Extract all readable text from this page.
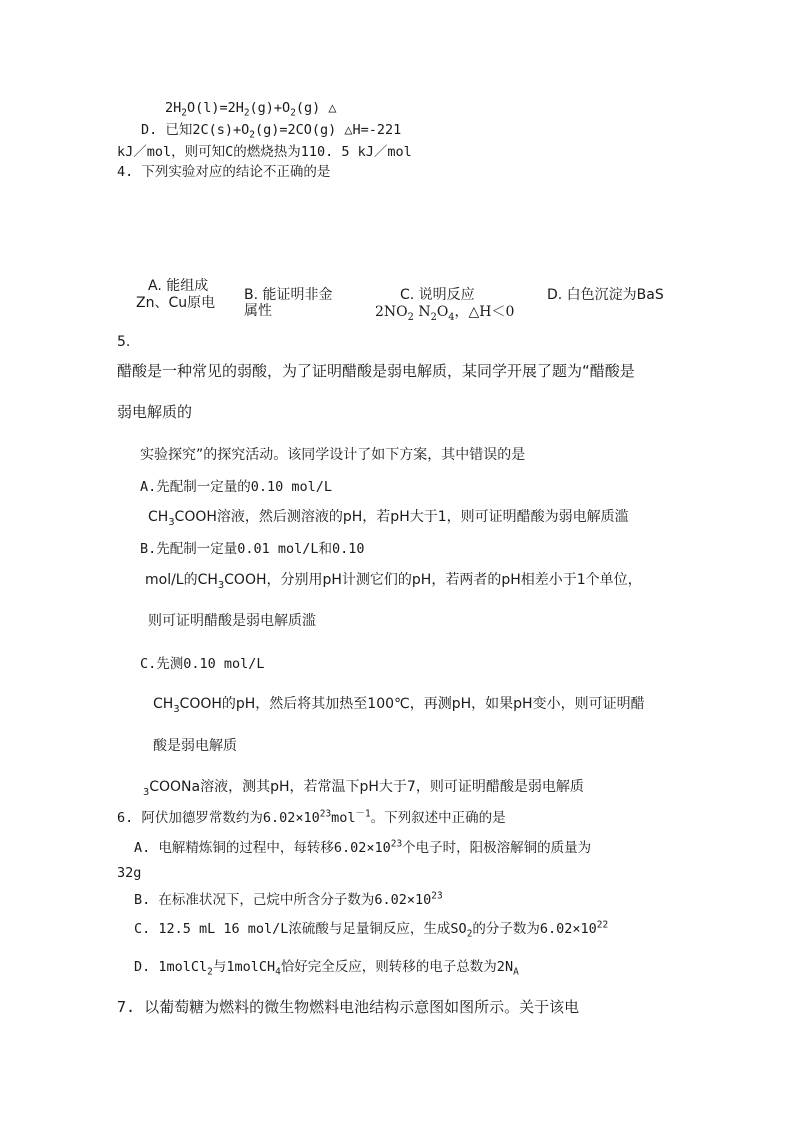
$2H_2O(l)=2H_2(g)+O_2(g)$ △
D. 已知$2C(s)+O_2(g)=2CO(g)$ △H=-221
kJ／mol，则可知C的燃烧热为110. 5 kJ／mol
4. 下列实验对应的结论不正确的是
A. 能组成
Zn、Cu原电 B. 能证明非金
属性
C. 说明反应
$2NO_2$ $N_2O_4$，△H＜0
D. 白色沉淀为BaS
5.
醋酸是一种常见的弱酸，为了证明醋酸是弱电解质，某同学开展了题为“醋酸是
弱电解质的
实验探究”的探究活动。该同学设计了如下方案，其中错误的是
A.先配制一定量的0.10 mol/L
$CH_3COOH$溶液，然后测溶液的pH，若pH大于1，则可证明醋酸为弱电解质滥
B.先配制一定量0.01 mol/L和0.10
mol/L的$CH_3COOH$，分别用pH计测它们的pH，若两者的pH相差小于1个单位，
则可证明醋酸是弱电解质滥
C.先测0.10 mol/L
$CH_3COOH$的pH，然后将其加热至100℃，再测pH，如果pH变小，则可证明醋
酸是弱电解质
$_3$COONa溶液，测其pH，若常温下pH大于7，则可证明醋酸是弱电解质
6. 阿伏加德罗常数约为$6.02\times 10^{23}mol^{-1}$。下列叙述中正确的是
A. 电解精炼铜的过程中，每转移$6.02\times 10^{23}$个电子时，阳极溶解铜的质量为
32g
B. 在标准状况下，己烷中所含分子数为$6.02\times 10^{23}$
C. 12.5 mL 16 mol/L浓硫酸与足量铜反应，生成$SO_2$的分子数为$6.02\times 10^{22}$
D. 1molCl$_2$与1molCH$_4$恰好完全反应，则转移的电子总数为$2N_A$
7. 以葡萄糖为燃料的微生物燃料电池结构示意图如图所示。关于该电
